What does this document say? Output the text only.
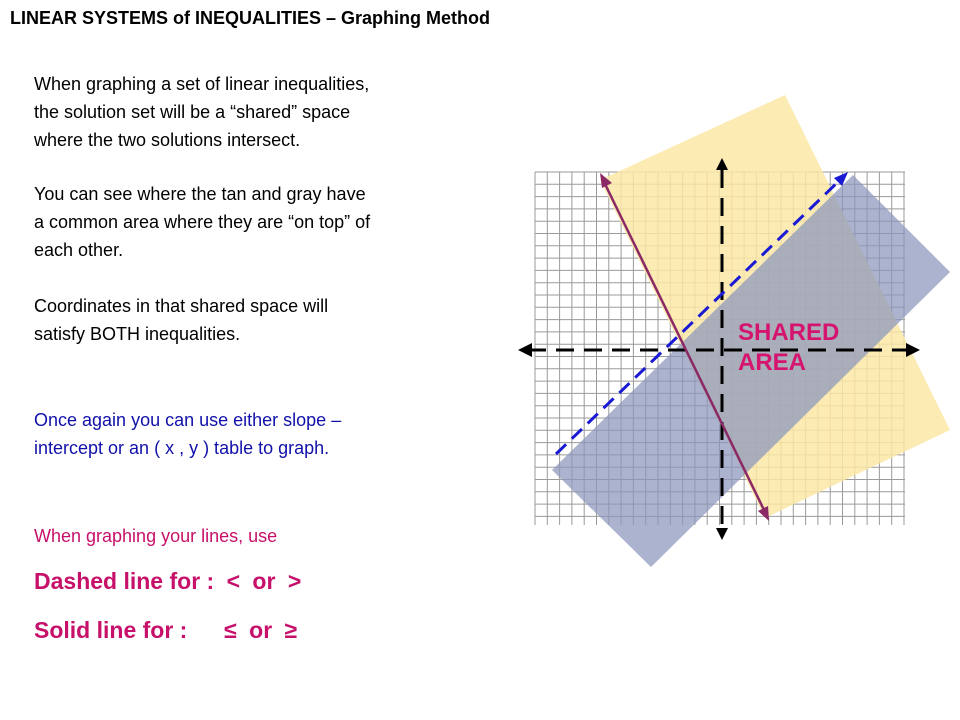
LINEAR SYSTEMS of INEQUALITIES – Graphing Method
When graphing a set of linear inequalities,
the solution set will be a “shared” space
where the two solutions intersect.
You can see where the tan and gray have
a common area where they are “on top” of
each other.
Coordinates in that shared space will
satisfy BOTH inequalities.
Once again you can use either slope –
intercept or an ( x , y ) table to graph.
When graphing your lines, use
Dashed line for : < or >
Solid line for : ≤ or ≥
SHARED
AREA
